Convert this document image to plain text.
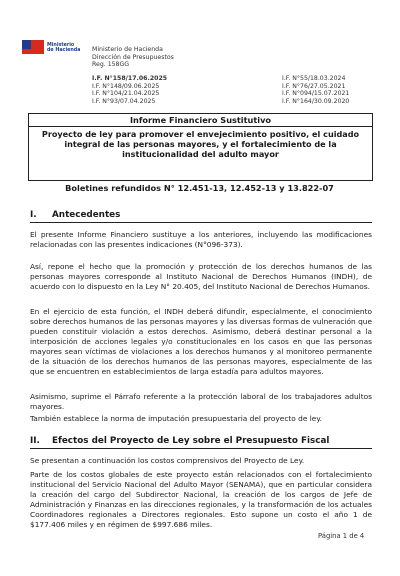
Ministerio
de Hacienda Ministerio de Hacienda
Dirección de Presupuestos
Reg. 158GG
I.F. N°158/17.06.2025
I.F. N°148/09.06.2025
I.F. N°104/21.04.2025
I.F. N°93/07.04.2025
I.F. N°55/18.03.2024
I.F. N°76/27.05.2021
I.F. N°094/15.07.2021
I.F. N°164/30.09.2020
Informe Financiero Sustitutivo
Proyecto de ley para promover el envejecimiento positivo, el cuidado integral de las personas mayores, y el fortalecimiento de la institucionalidad del adulto mayor
Boletines refundidos N° 12.451-13, 12.452-13 y 13.822-07
I. Antecedentes
El presente Informe Financiero sustituye a los anteriores, incluyendo las modificaciones relacionadas con las presentes indicaciones (N°096-373).
Así, repone el hecho que la promoción y protección de los derechos humanos de las personas mayores corresponde al Instituto Nacional de Derechos Humanos (INDH), de acuerdo con lo dispuesto en la Ley N° 20.405, del Instituto Nacional de Derechos Humanos.
En el ejercicio de esta función, el INDH deberá difundir, especialmente, el conocimiento sobre derechos humanos de las personas mayores y las diversas formas de vulneración que pueden constituir violación a estos derechos. Asimismo, deberá destinar personal a la interposición de acciones legales y/o constitucionales en los casos en que las personas mayores sean víctimas de violaciones a los derechos humanos y al monitoreo permanente de la situación de los derechos humanos de las personas mayores, especialmente de las que se encuentren en establecimientos de larga estadía para adultos mayores.
Asimismo, suprime el Párrafo referente a la protección laboral de los trabajadores adultos mayores.
También establece la norma de imputación presupuestaria del proyecto de ley.
II. Efectos del Proyecto de Ley sobre el Presupuesto Fiscal
Se presentan a continuación los costos comprensivos del Proyecto de Ley.
Parte de los costos globales de este proyecto están relacionados con el fortalecimiento institucional del Servicio Nacional del Adulto Mayor (SENAMA), que en particular considera la creación del cargo del Subdirector Nacional, la creación de los cargos de Jefe de Administración y Finanzas en las direcciones regionales, y la transformación de los actuales Coordinadores regionales a Directores regionales. Esto supone un costo el año 1 de $177.406 miles y en régimen de $997.686 miles.
Página 1 de 4
